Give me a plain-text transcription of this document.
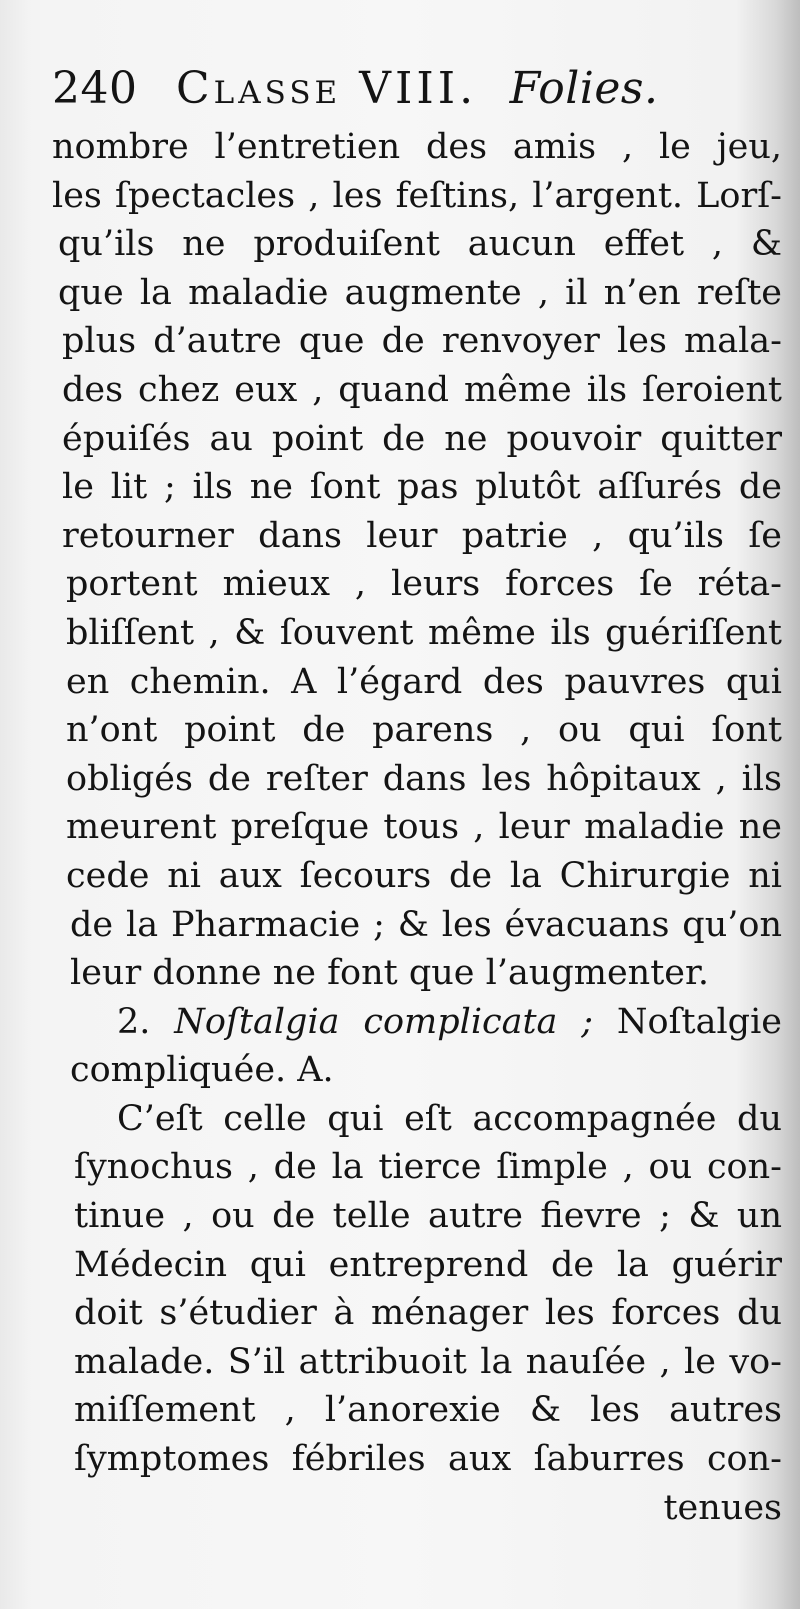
240 Classe VIII. Folies.
nombre l’entretien des amis , le jeu,
les ſpectacles , les feſtins, l’argent. Lorſ-
qu’ils ne produiſent aucun effet , &
que la maladie augmente , il n’en reſte
plus d’autre que de renvoyer les mala-
des chez eux , quand même ils ſeroient
épuiſés au point de ne pouvoir quitter
le lit ; ils ne ſont pas plutôt aſſurés de
retourner dans leur patrie , qu’ils ſe
portent mieux , leurs forces ſe réta-
bliſſent , & ſouvent même ils guériſſent
en chemin. A l’égard des pauvres qui
n’ont point de parens , ou qui ſont
obligés de reſter dans les hôpitaux , ils
meurent preſque tous , leur maladie ne
cede ni aux ſecours de la Chirurgie ni
de la Pharmacie ; & les évacuans qu’on
leur donne ne font que l’augmenter.
2. Noſtalgia complicata ; Noſtalgie
compliquée. A.
C’eſt celle qui eſt accompagnée du
ſynochus , de la tierce ſimple , ou con-
tinue , ou de telle autre fievre ; & un
Médecin qui entreprend de la guérir
doit s’étudier à ménager les forces du
malade. S’il attribuoit la nauſée , le vo-
miſſement , l’anorexie & les autres
ſymptomes fébriles aux ſaburres con-
tenues
